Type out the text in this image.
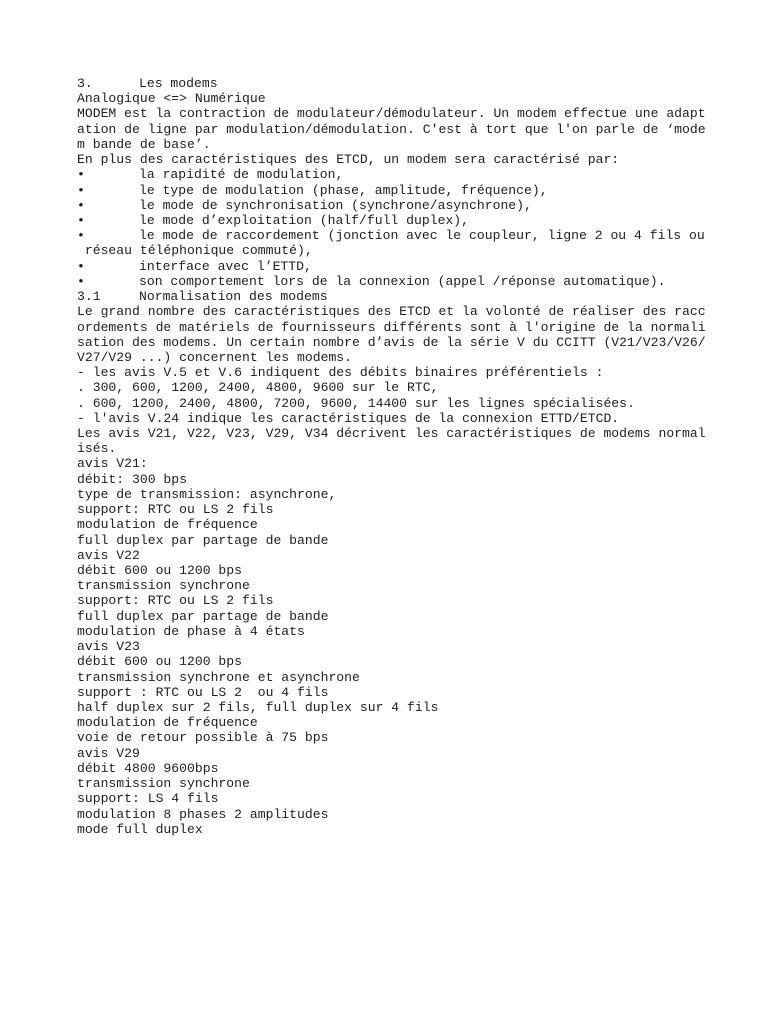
3.	Les modems
Analogique <=> Numérique
MODEM est la contraction de modulateur/démodulateur. Un modem effectue une adapt
ation de ligne par modulation/démodulation. C'est à tort que l'on parle de ‘mode
m bande de base’.
En plus des caractéristiques des ETCD, un modem sera caractérisé par:
•	la rapidité de modulation,
•	le type de modulation (phase, amplitude, fréquence),
•	le mode de synchronisation (synchrone/asynchrone),
•	le mode d’exploitation (half/full duplex),
•	le mode de raccordement (jonction avec le coupleur, ligne 2 ou 4 fils ou
réseau téléphonique commuté),
•	interface avec l’ETTD,
•	son comportement lors de la connexion (appel /réponse automatique).
3.1	Normalisation des modems
Le grand nombre des caractéristiques des ETCD et la volonté de réaliser des racc
ordements de matériels de fournisseurs différents sont à l'origine de la normali
sation des modems. Un certain nombre d’avis de la série V du CCITT (V21/V23/V26/
V27/V29 ...) concernent les modems.
- les avis V.5 et V.6 indiquent des débits binaires préférentiels :
. 300, 600, 1200, 2400, 4800, 9600 sur le RTC,
. 600, 1200, 2400, 4800, 7200, 9600, 14400 sur les lignes spécialisées.
- l'avis V.24 indique les caractéristiques de la connexion ETTD/ETCD.
Les avis V21, V22, V23, V29, V34 décrivent les caractéristiques de modems normal
isés.
avis V21:
débit: 300 bps
type de transmission: asynchrone,
support: RTC ou LS 2 fils
modulation de fréquence
full duplex par partage de bande
avis V22
débit 600 ou 1200 bps
transmission synchrone
support: RTC ou LS 2 fils
full duplex par partage de bande
modulation de phase à 4 états
avis V23
débit 600 ou 1200 bps
transmission synchrone et asynchrone
support : RTC ou LS 2  ou 4 fils
half duplex sur 2 fils, full duplex sur 4 fils
modulation de fréquence
voie de retour possible à 75 bps
avis V29
débit 4800 9600bps
transmission synchrone
support: LS 4 fils
modulation 8 phases 2 amplitudes
mode full duplex
